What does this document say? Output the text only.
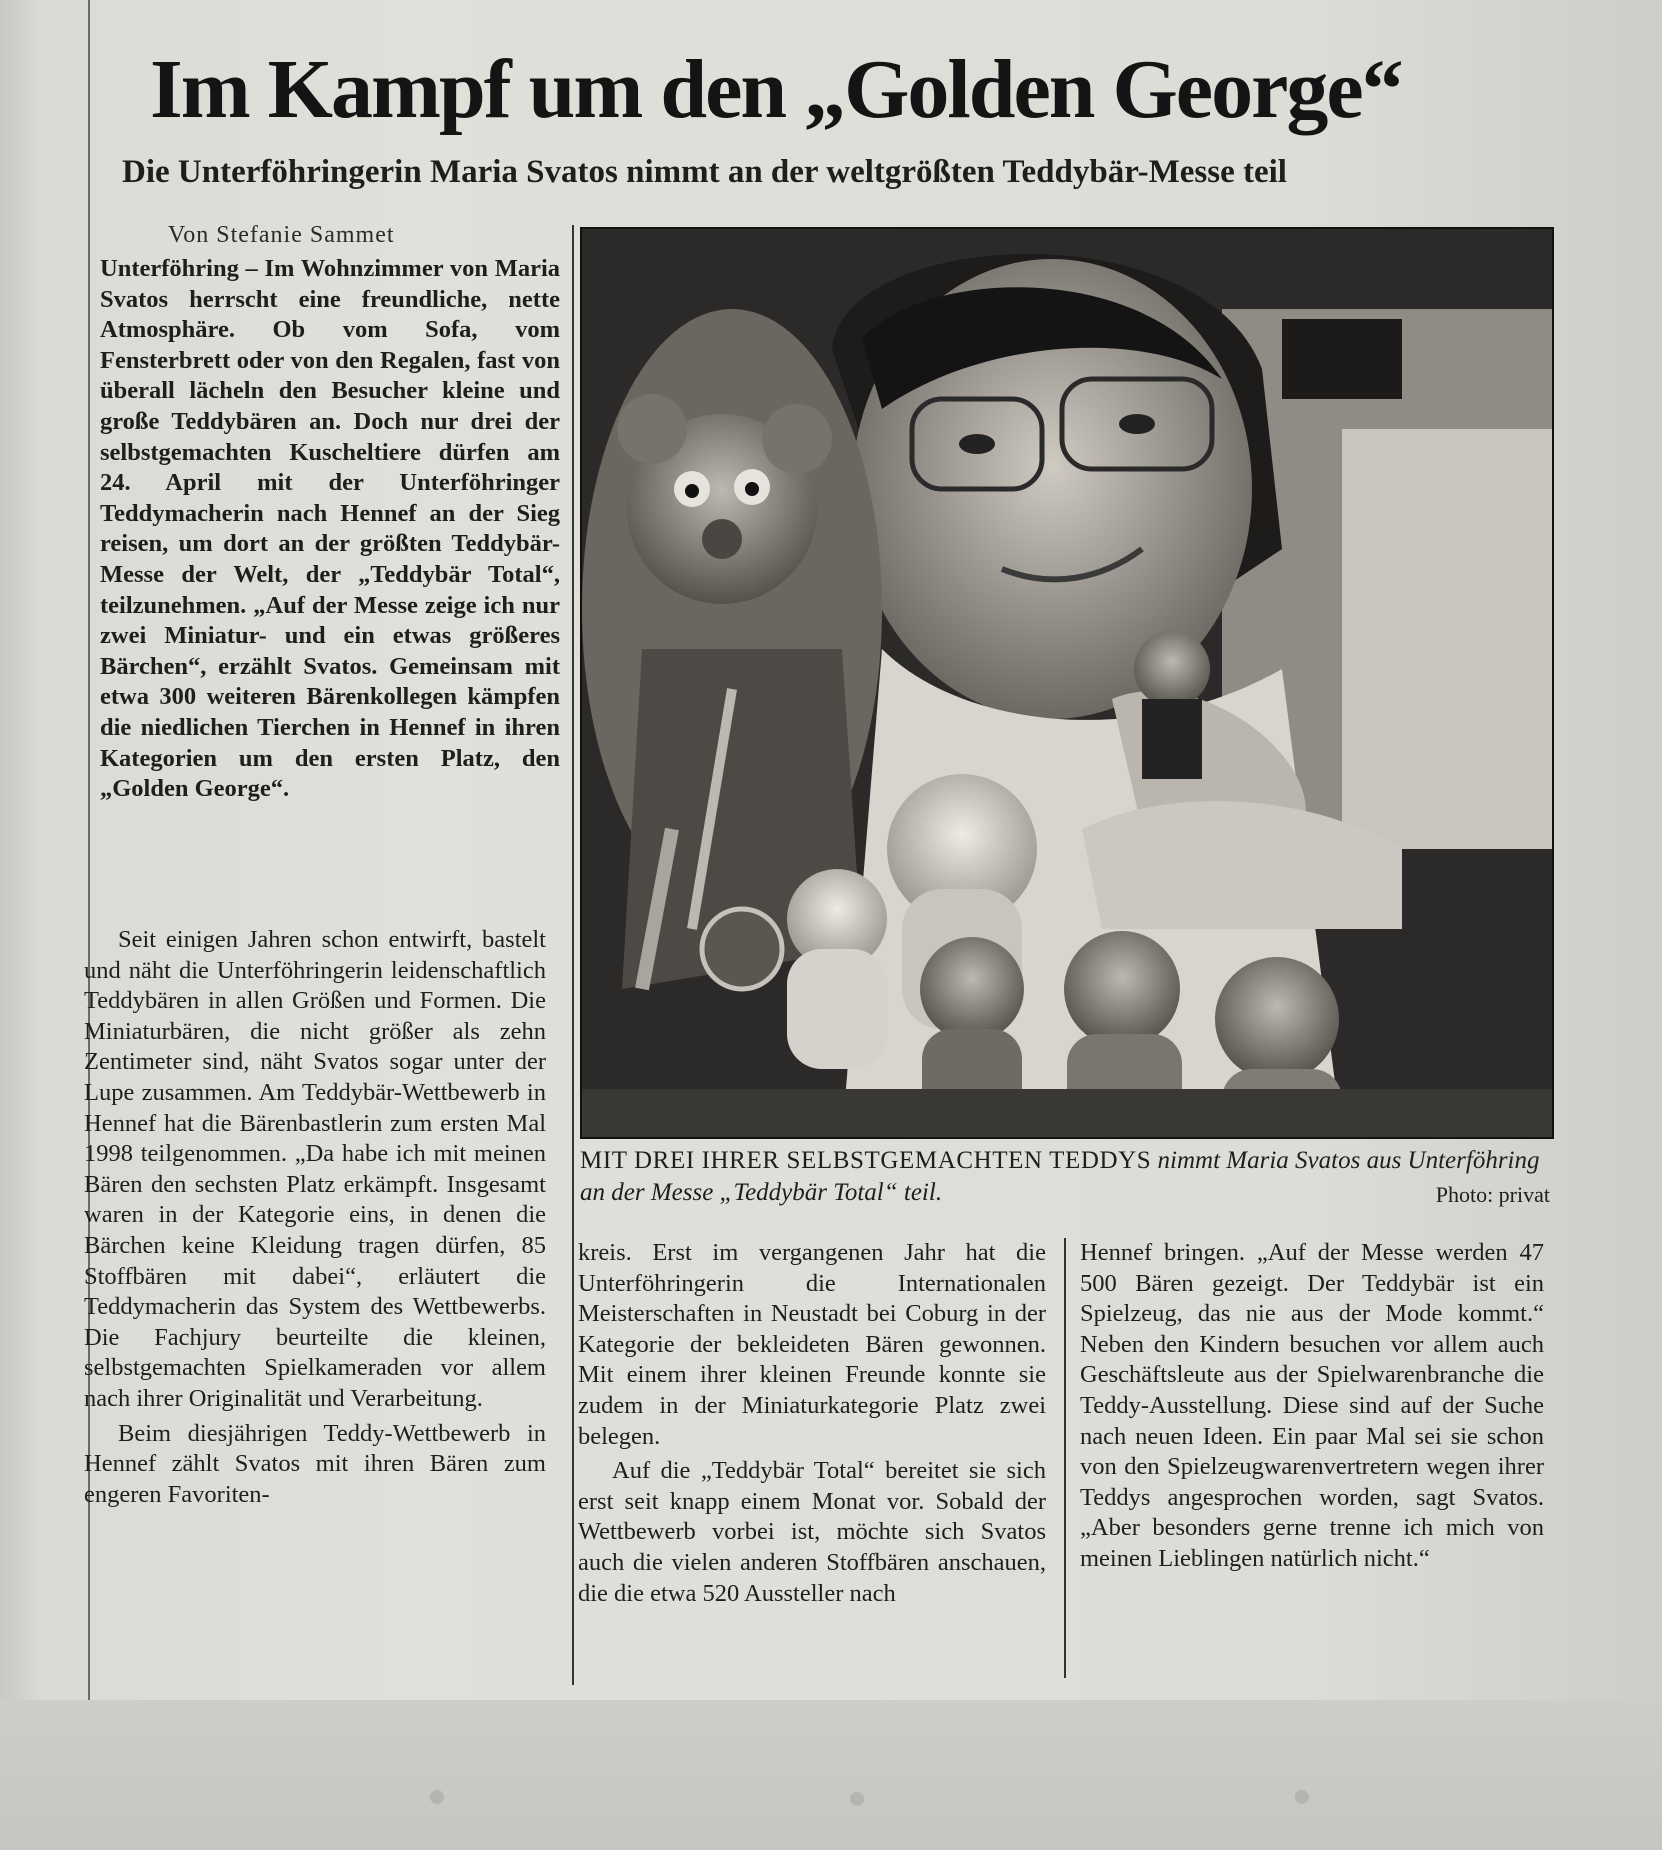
Im Kampf um den „Golden George“
Die Unterföhringerin Maria Svatos nimmt an der weltgrößten Teddybär-Messe teil
Von Stefanie Sammet

Unterföhring – Im Wohnzimmer von Maria Svatos herrscht eine freundliche, nette Atmosphäre. Ob vom Sofa, vom Fensterbrett oder von den Regalen, fast von überall lächeln den Besucher kleine und große Teddybären an. Doch nur drei der selbstgemachten Kuscheltiere dürfen am 24. April mit der Unterföhringer Teddymacherin nach Hennef an der Sieg reisen, um dort an der größten Teddybär-Messe der Welt, der „Teddybär Total“, teilzunehmen. „Auf der Messe zeige ich nur zwei Miniatur- und ein etwas größeres Bärchen“, erzählt Svatos. Gemeinsam mit etwa 300 weiteren Bärenkollegen kämpfen die niedlichen Tierchen in Hennef in ihren Kategorien um den ersten Platz, den „Golden George“.

Seit einigen Jahren schon entwirft, bastelt und näht die Unterföhringerin leidenschaftlich Teddybären in allen Größen und Formen. Die Miniaturbären, die nicht größer als zehn Zentimeter sind, näht Svatos sogar unter der Lupe zusammen. Am Teddybär-Wettbewerb in Hennef hat die Bärenbastlerin zum ersten Mal 1998 teilgenommen. „Da habe ich mit meinen Bären den sechsten Platz erkämpft. Insgesamt waren in der Kategorie eins, in denen die Bärchen keine Kleidung tragen dürfen, 85 Stoffbären mit dabei“, erläutert die Teddymacherin das System des Wettbewerbs. Die Fachjury beurteilte die kleinen, selbstgemachten Spielkameraden vor allem nach ihrer Originalität und Verarbeitung.

Beim diesjährigen Teddy-Wettbewerb in Hennef zählt Svatos mit ihren Bären zum engeren Favoriten-

MIT DREI IHRER SELBSTGEMACHTEN TEDDYS nimmt Maria Svatos aus Unterföhring an der Messe „Teddybär Total“ teil.	Photo: privat

kreis. Erst im vergangenen Jahr hat die Unterföhringerin die Internationalen Meisterschaften in Neustadt bei Coburg in der Kategorie der bekleideten Bären gewonnen. Mit einem ihrer kleinen Freunde konnte sie zudem in der Miniaturkategorie Platz zwei belegen.

Auf die „Teddybär Total“ bereitet sie sich erst seit knapp einem Monat vor. Sobald der Wettbewerb vorbei ist, möchte sich Svatos auch die vielen anderen Stoffbären anschauen, die die etwa 520 Aussteller nach

Hennef bringen. „Auf der Messe werden 47 500 Bären gezeigt. Der Teddybär ist ein Spielzeug, das nie aus der Mode kommt.“ Neben den Kindern besuchen vor allem auch Geschäftsleute aus der Spielwarenbranche die Teddy-Ausstellung. Diese sind auf der Suche nach neuen Ideen. Ein paar Mal sei sie schon von den Spielzeugwarenvertretern wegen ihrer Teddys angesprochen worden, sagt Svatos. „Aber besonders gerne trenne ich mich von meinen Lieblingen natürlich nicht.“
